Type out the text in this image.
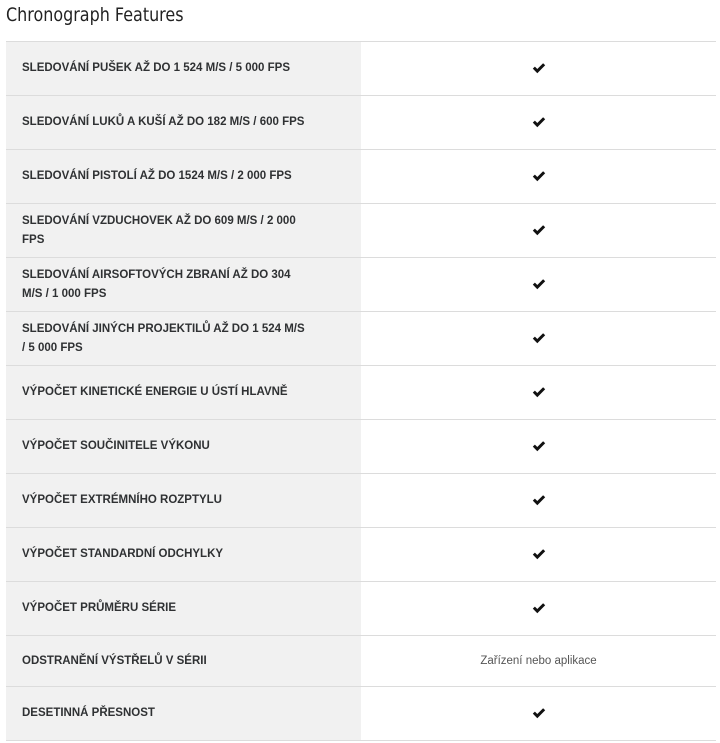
Chronograph Features
SLEDOVÁNÍ PUŠEK AŽ DO 1 524 M/S / 5 000 FPS
SLEDOVÁNÍ LUKŮ A KUŠÍ AŽ DO 182 M/S / 600 FPS
SLEDOVÁNÍ PISTOLÍ AŽ DO 1524 M/S / 2 000 FPS
SLEDOVÁNÍ VZDUCHOVEK AŽ DO 609 M/S / 2 000 FPS
SLEDOVÁNÍ AIRSOFTOVÝCH ZBRANÍ AŽ DO 304 M/S / 1 000 FPS
SLEDOVÁNÍ JINÝCH PROJEKTILŮ AŽ DO 1 524 M/S / 5 000 FPS
VÝPOČET KINETICKÉ ENERGIE U ÚSTÍ HLAVNĚ
VÝPOČET SOUČINITELE VÝKONU
VÝPOČET EXTRÉMNÍHO ROZPTYLU
VÝPOČET STANDARDNÍ ODCHYLKY
VÝPOČET PRŮMĚRU SÉRIE
ODSTRANĚNÍ VÝSTŘELŮ V SÉRII	Zařízení nebo aplikace
DESETINNÁ PŘESNOST
